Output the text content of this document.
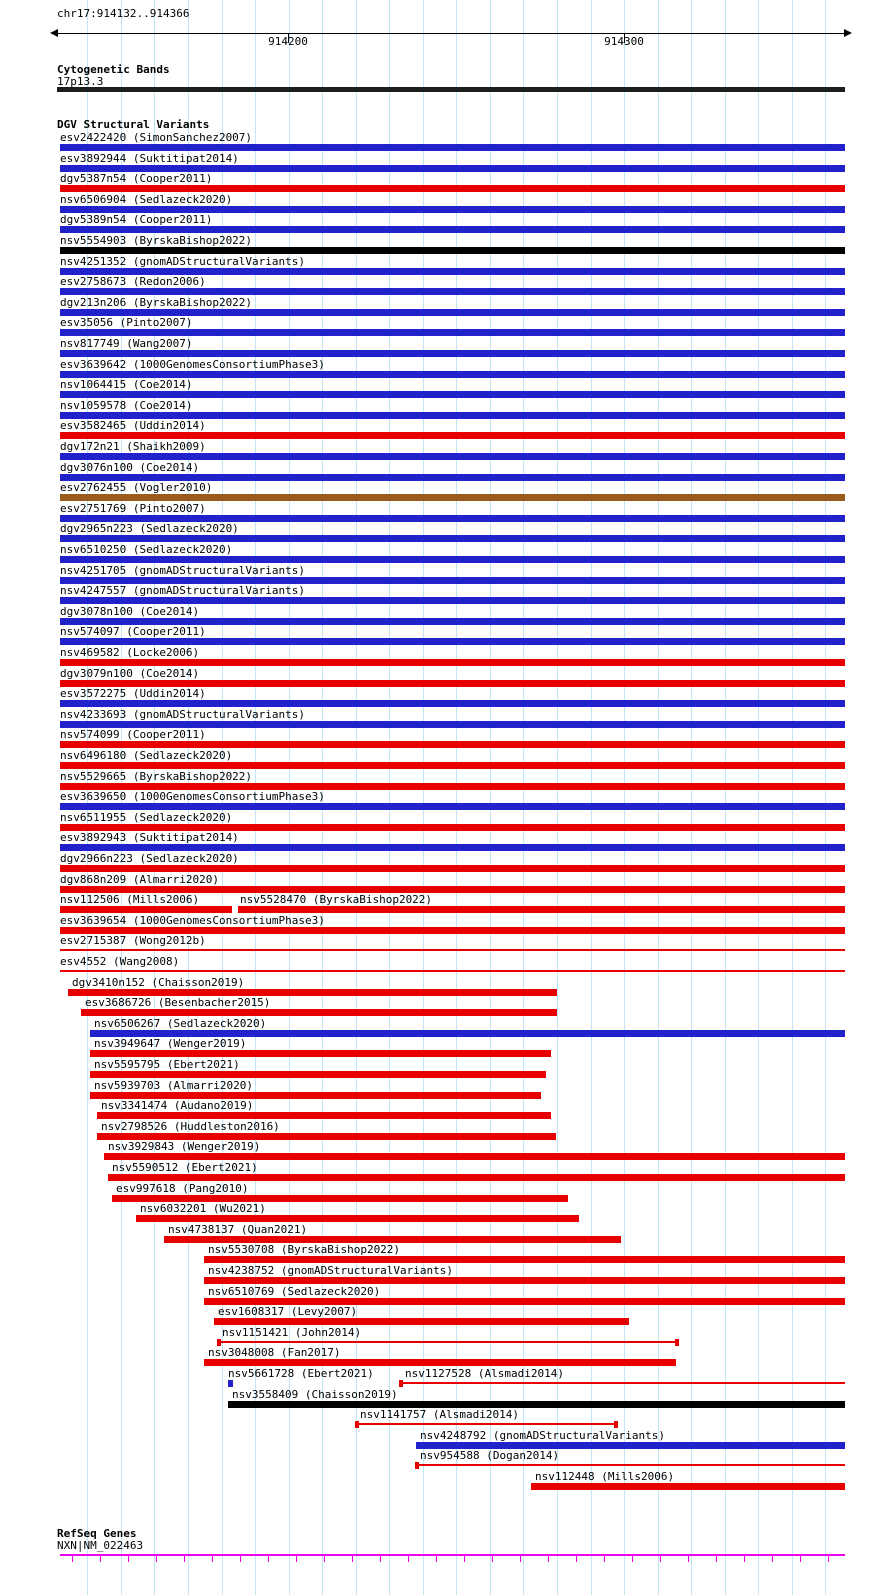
chr17:914132..914366
Cytogenetic Bands
17p13.3
DGV Structural Variants
RefSeq Genes
NXN|NM_022463
914200	914300
esv2422420 (SimonSanchez2007)
esv3892944 (Suktitipat2014)
dgv5387n54 (Cooper2011)
nsv6506904 (Sedlazeck2020)
dgv5389n54 (Cooper2011)
nsv5554903 (ByrskaBishop2022)
nsv4251352 (gnomADStructuralVariants)
esv2758673 (Redon2006)
dgv213n206 (ByrskaBishop2022)
esv35056 (Pinto2007)
nsv817749 (Wang2007)
esv3639642 (1000GenomesConsortiumPhase3)
nsv1064415 (Coe2014)
nsv1059578 (Coe2014)
esv3582465 (Uddin2014)
dgv172n21 (Shaikh2009)
dgv3076n100 (Coe2014)
esv2762455 (Vogler2010)
esv2751769 (Pinto2007)
dgv2965n223 (Sedlazeck2020)
nsv6510250 (Sedlazeck2020)
nsv4251705 (gnomADStructuralVariants)
nsv4247557 (gnomADStructuralVariants)
dgv3078n100 (Coe2014)
nsv574097 (Cooper2011)
nsv469582 (Locke2006)
dgv3079n100 (Coe2014)
esv3572275 (Uddin2014)
nsv4233693 (gnomADStructuralVariants)
nsv574099 (Cooper2011)
nsv6496180 (Sedlazeck2020)
nsv5529665 (ByrskaBishop2022)
esv3639650 (1000GenomesConsortiumPhase3)
nsv6511955 (Sedlazeck2020)
esv3892943 (Suktitipat2014)
dgv2966n223 (Sedlazeck2020)
dgv868n209 (Almarri2020)
nsv112506 (Mills2006)	nsv5528470 (ByrskaBishop2022)
esv3639654 (1000GenomesConsortiumPhase3)
esv2715387 (Wong2012b)
esv4552 (Wang2008)
dgv3410n152 (Chaisson2019)
esv3686726 (Besenbacher2015)
nsv6506267 (Sedlazeck2020)
nsv3949647 (Wenger2019)
nsv5595795 (Ebert2021)
nsv5939703 (Almarri2020)
nsv3341474 (Audano2019)
nsv2798526 (Huddleston2016)
nsv3929843 (Wenger2019)
nsv5590512 (Ebert2021)
esv997618 (Pang2010)
nsv6032201 (Wu2021)
nsv4738137 (Quan2021)
nsv5530708 (ByrskaBishop2022)
nsv4238752 (gnomADStructuralVariants)
nsv6510769 (Sedlazeck2020)
esv1608317 (Levy2007)
nsv1151421 (John2014)
nsv3048008 (Fan2017)
nsv5661728 (Ebert2021)	nsv1127528 (Alsmadi2014)
nsv3558409 (Chaisson2019)
nsv1141757 (Alsmadi2014)
nsv4248792 (gnomADStructuralVariants)
nsv954588 (Dogan2014)
nsv112448 (Mills2006)
